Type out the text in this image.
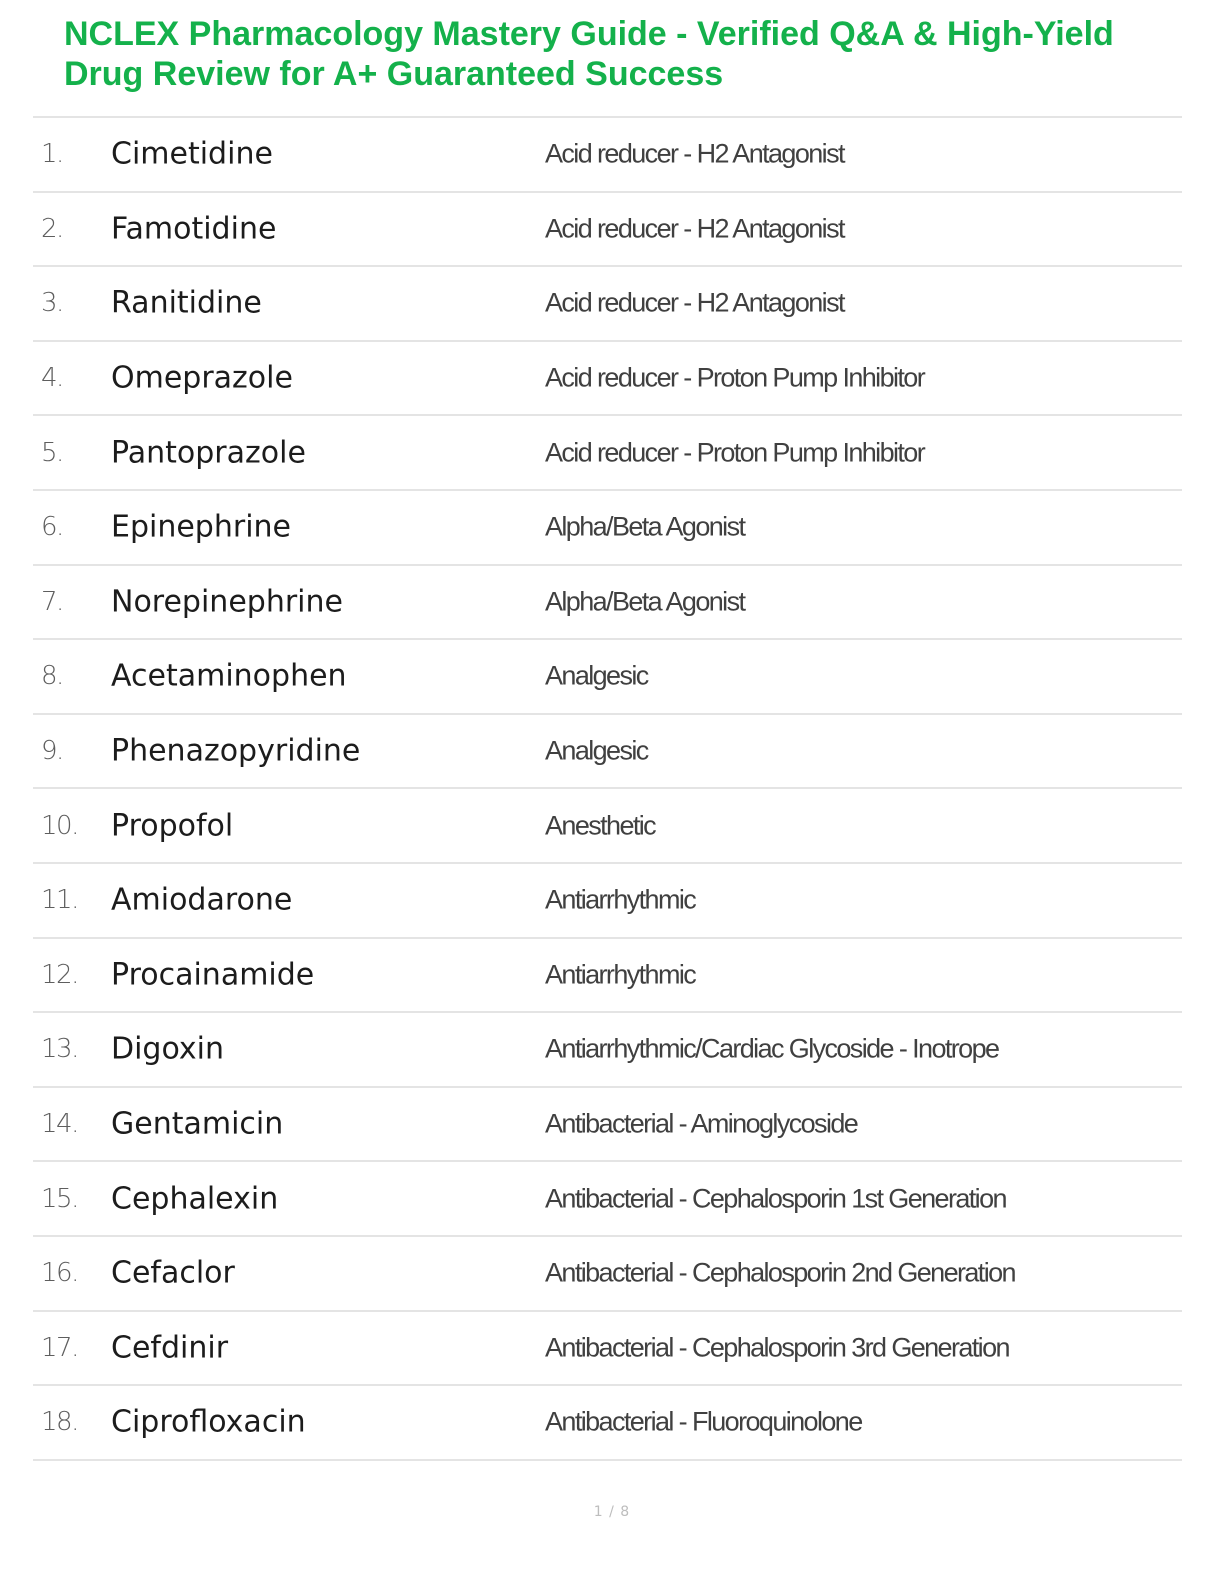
NCLEX Pharmacology Mastery Guide - Verified Q&A & High-Yield Drug Review for A+ Guaranteed Success
1. Cimetidine	Acid reducer - H2 Antagonist
2. Famotidine	Acid reducer - H2 Antagonist
3. Ranitidine	Acid reducer - H2 Antagonist
4. Omeprazole	Acid reducer - Proton Pump Inhibitor
5. Pantoprazole	Acid reducer - Proton Pump Inhibitor
6. Epinephrine	Alpha/Beta Agonist
7. Norepinephrine	Alpha/Beta Agonist
8. Acetaminophen	Analgesic
9. Phenazopyridine	Analgesic
10. Propofol	Anesthetic
11. Amiodarone	Antiarrhythmic
12. Procainamide	Antiarrhythmic
13. Digoxin	Antiarrhythmic/Cardiac Glycoside - Inotrope
14. Gentamicin	Antibacterial - Aminoglycoside
15. Cephalexin	Antibacterial - Cephalosporin 1st Generation
16. Cefaclor	Antibacterial - Cephalosporin 2nd Generation
17. Cefdinir	Antibacterial - Cephalosporin 3rd Generation
18. Ciprofloxacin	Antibacterial - Fluoroquinolone
1 / 8
